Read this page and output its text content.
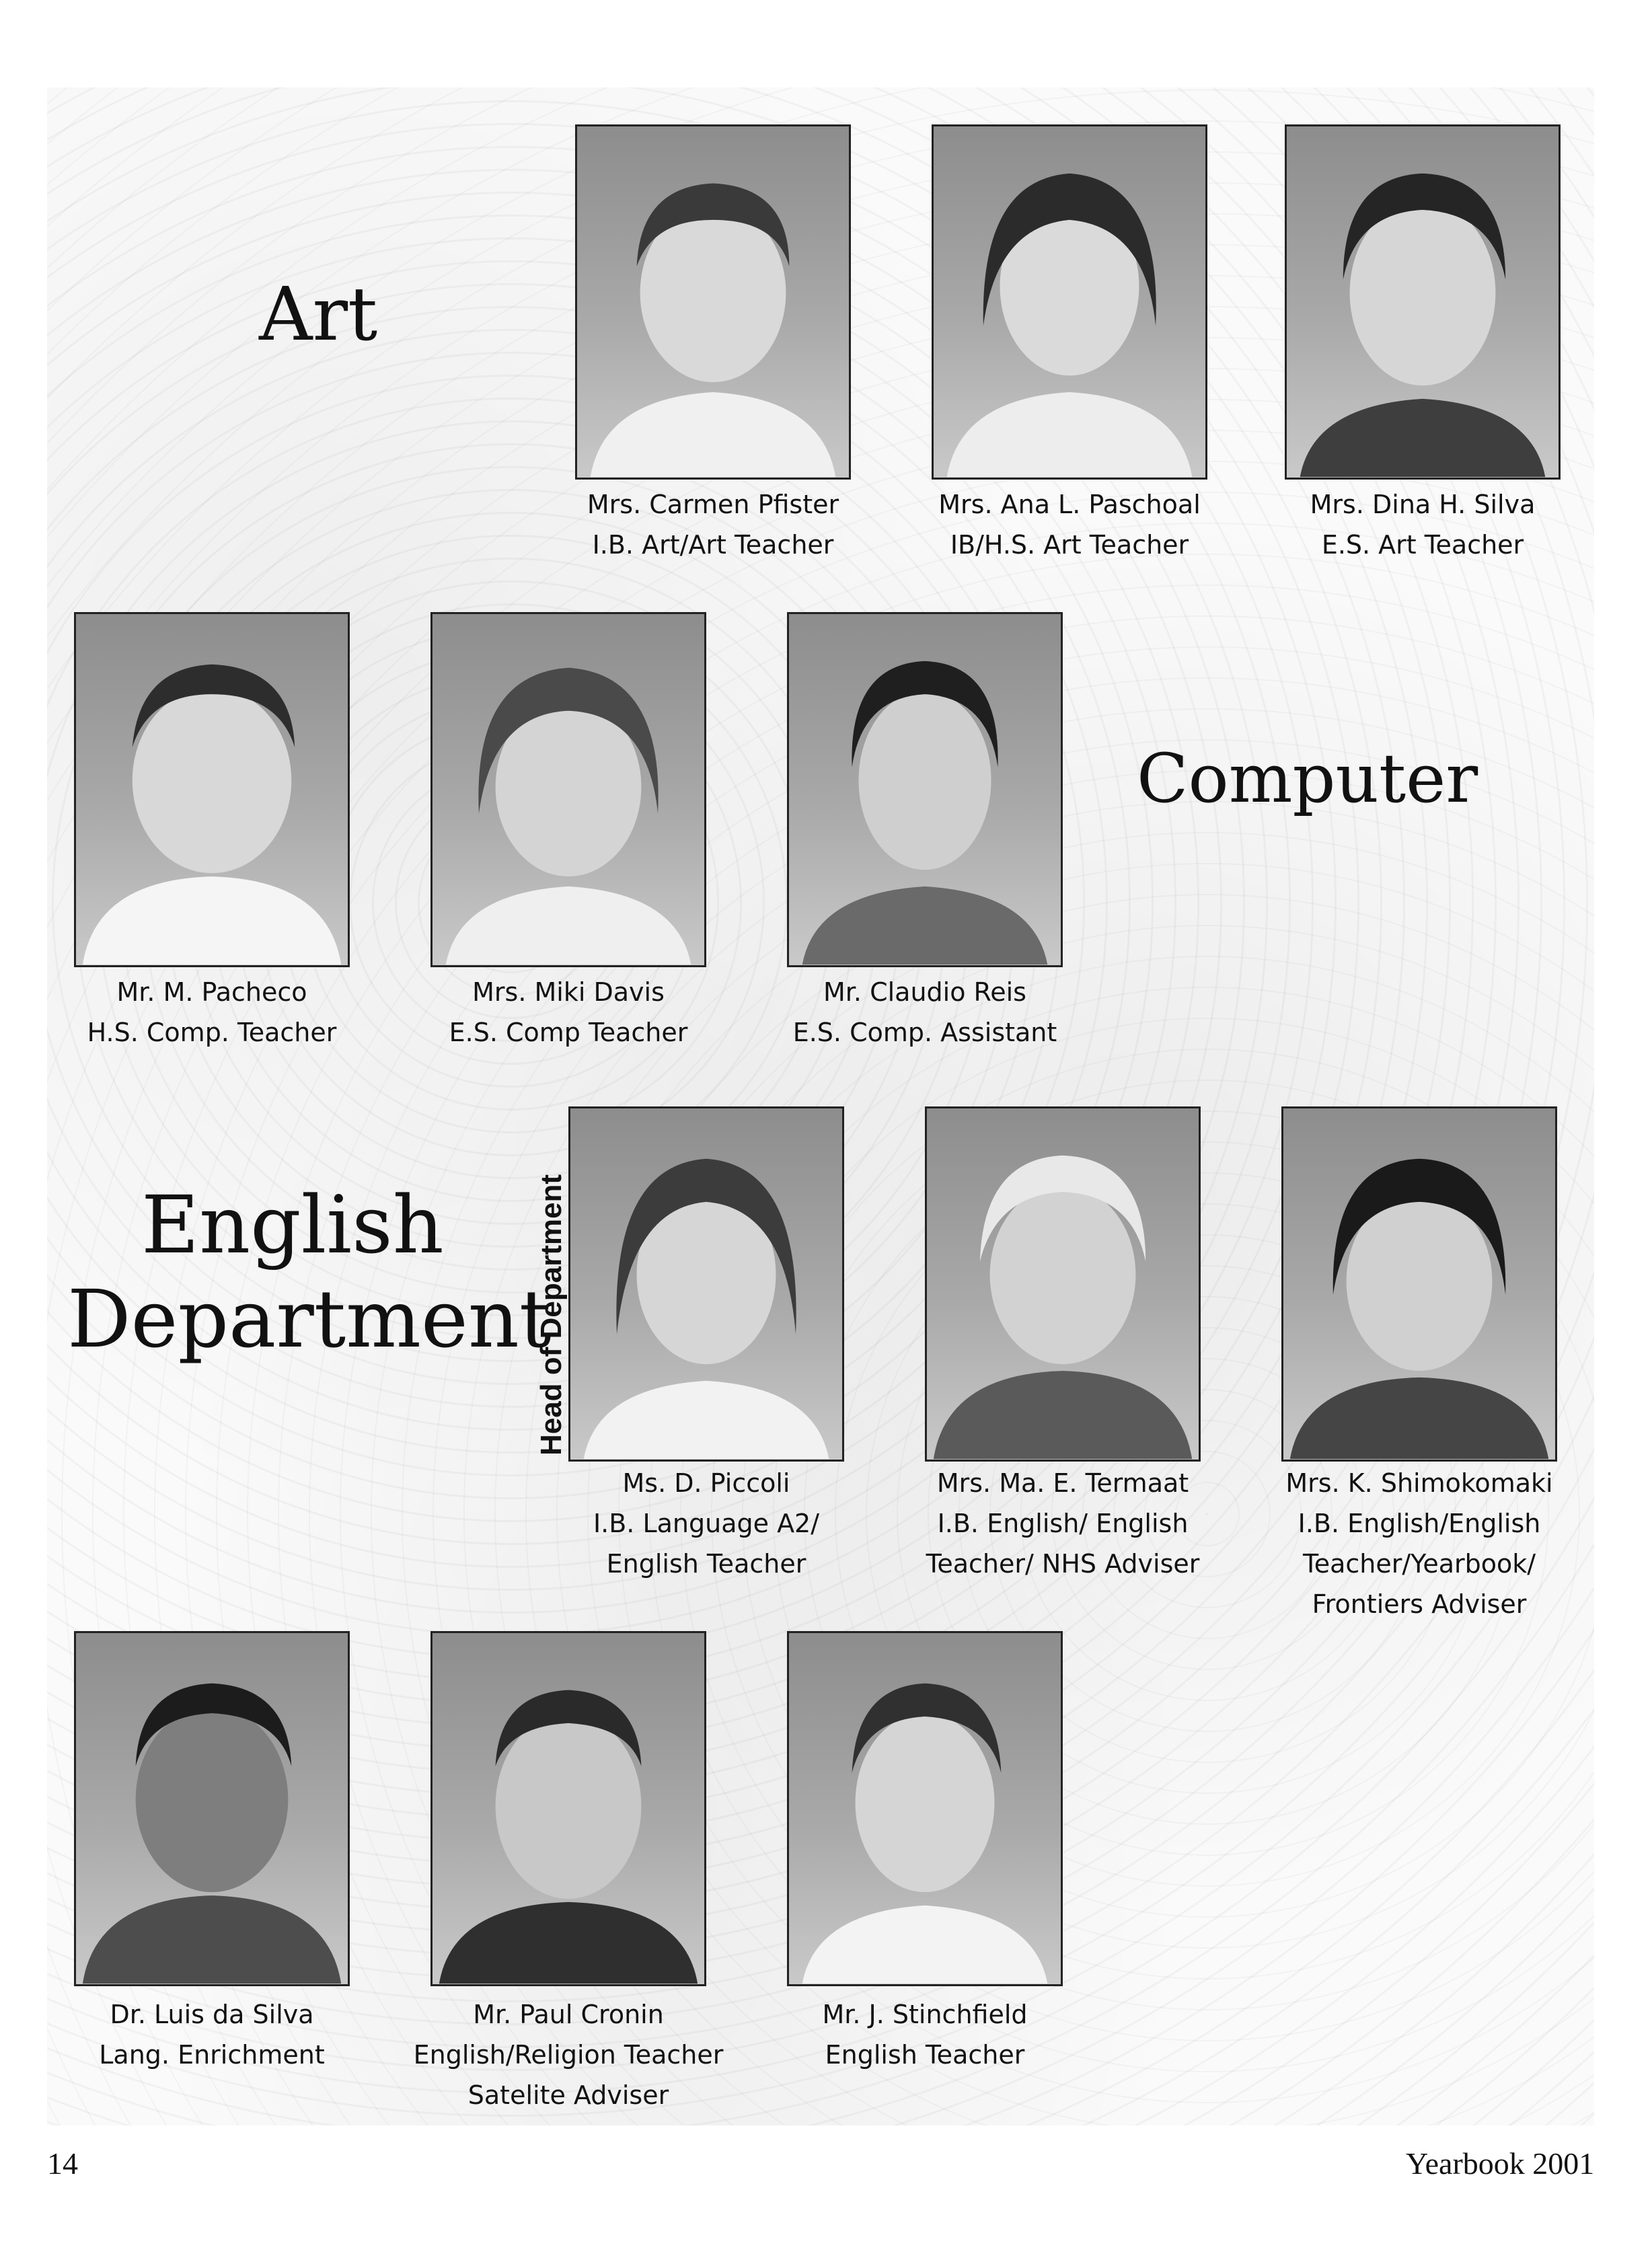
Art
Computer
English
Department
Head of Department
Mrs. Carmen Pfister
I.B. Art/Art Teacher
Mrs. Ana L. Paschoal
IB/H.S. Art Teacher
Mrs. Dina H. Silva
E.S. Art Teacher
Mr. M. Pacheco
H.S. Comp. Teacher
Mrs. Miki Davis
E.S. Comp Teacher
Mr. Claudio Reis
E.S. Comp. Assistant
Ms. D. Piccoli
I.B. Language A2/
English Teacher
Mrs. Ma. E. Termaat
I.B. English/ English
Teacher/ NHS Adviser
Mrs. K. Shimokomaki
I.B. English/English
Teacher/Yearbook/
Frontiers Adviser
Dr. Luis da Silva
Lang. Enrichment
Mr. Paul Cronin
English/Religion Teacher
Satelite Adviser
Mr. J. Stinchfield
English Teacher
14	Yearbook 2001
